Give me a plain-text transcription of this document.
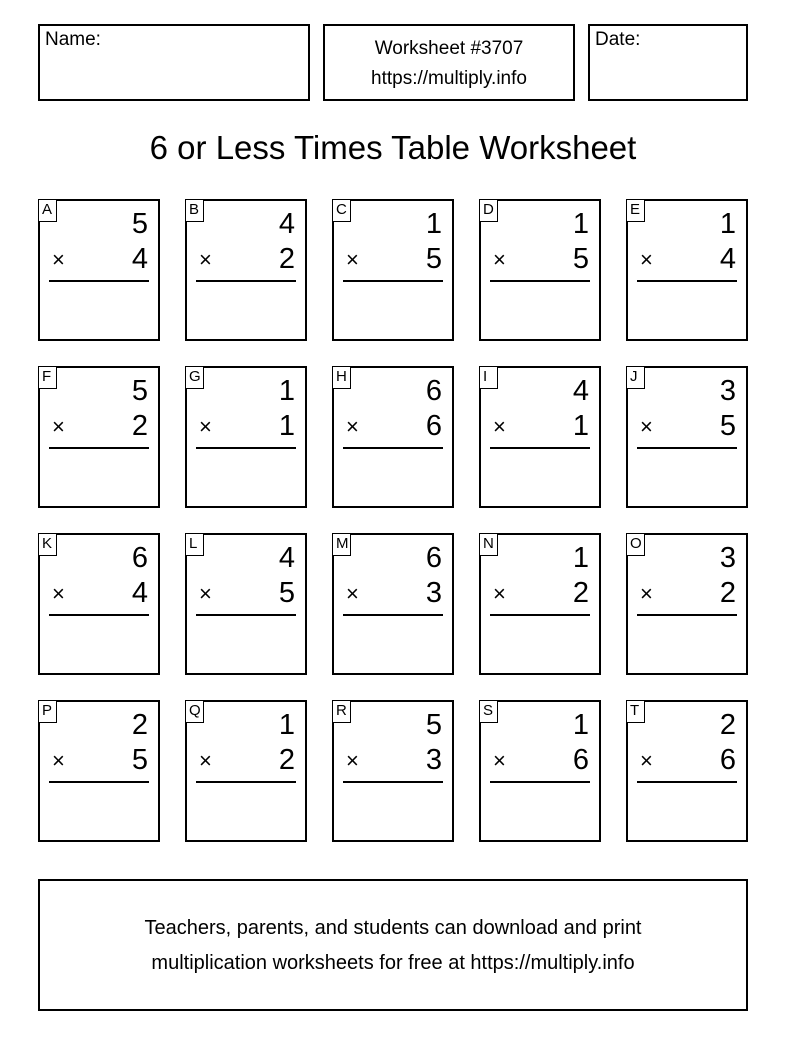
Name:	Worksheet #3707
https://multiply.info
Date:
6 or Less Times Table Worksheet
A	5
× 4
B	4
× 2
C	1
× 5
D	1
× 5
E	1
× 4
F	5
× 2
G	1
× 1
H	6
× 6
I	4
× 1
J	3
× 5
K	6
× 4
L	4
× 5
M	6
× 3
N	1
× 2
O	3
× 2
P	2
× 5
Q	1
× 2
R	5
× 3
S	1
× 6
T	2
× 6
Teachers, parents, and students can download and print
multiplication worksheets for free at https://multiply.info
